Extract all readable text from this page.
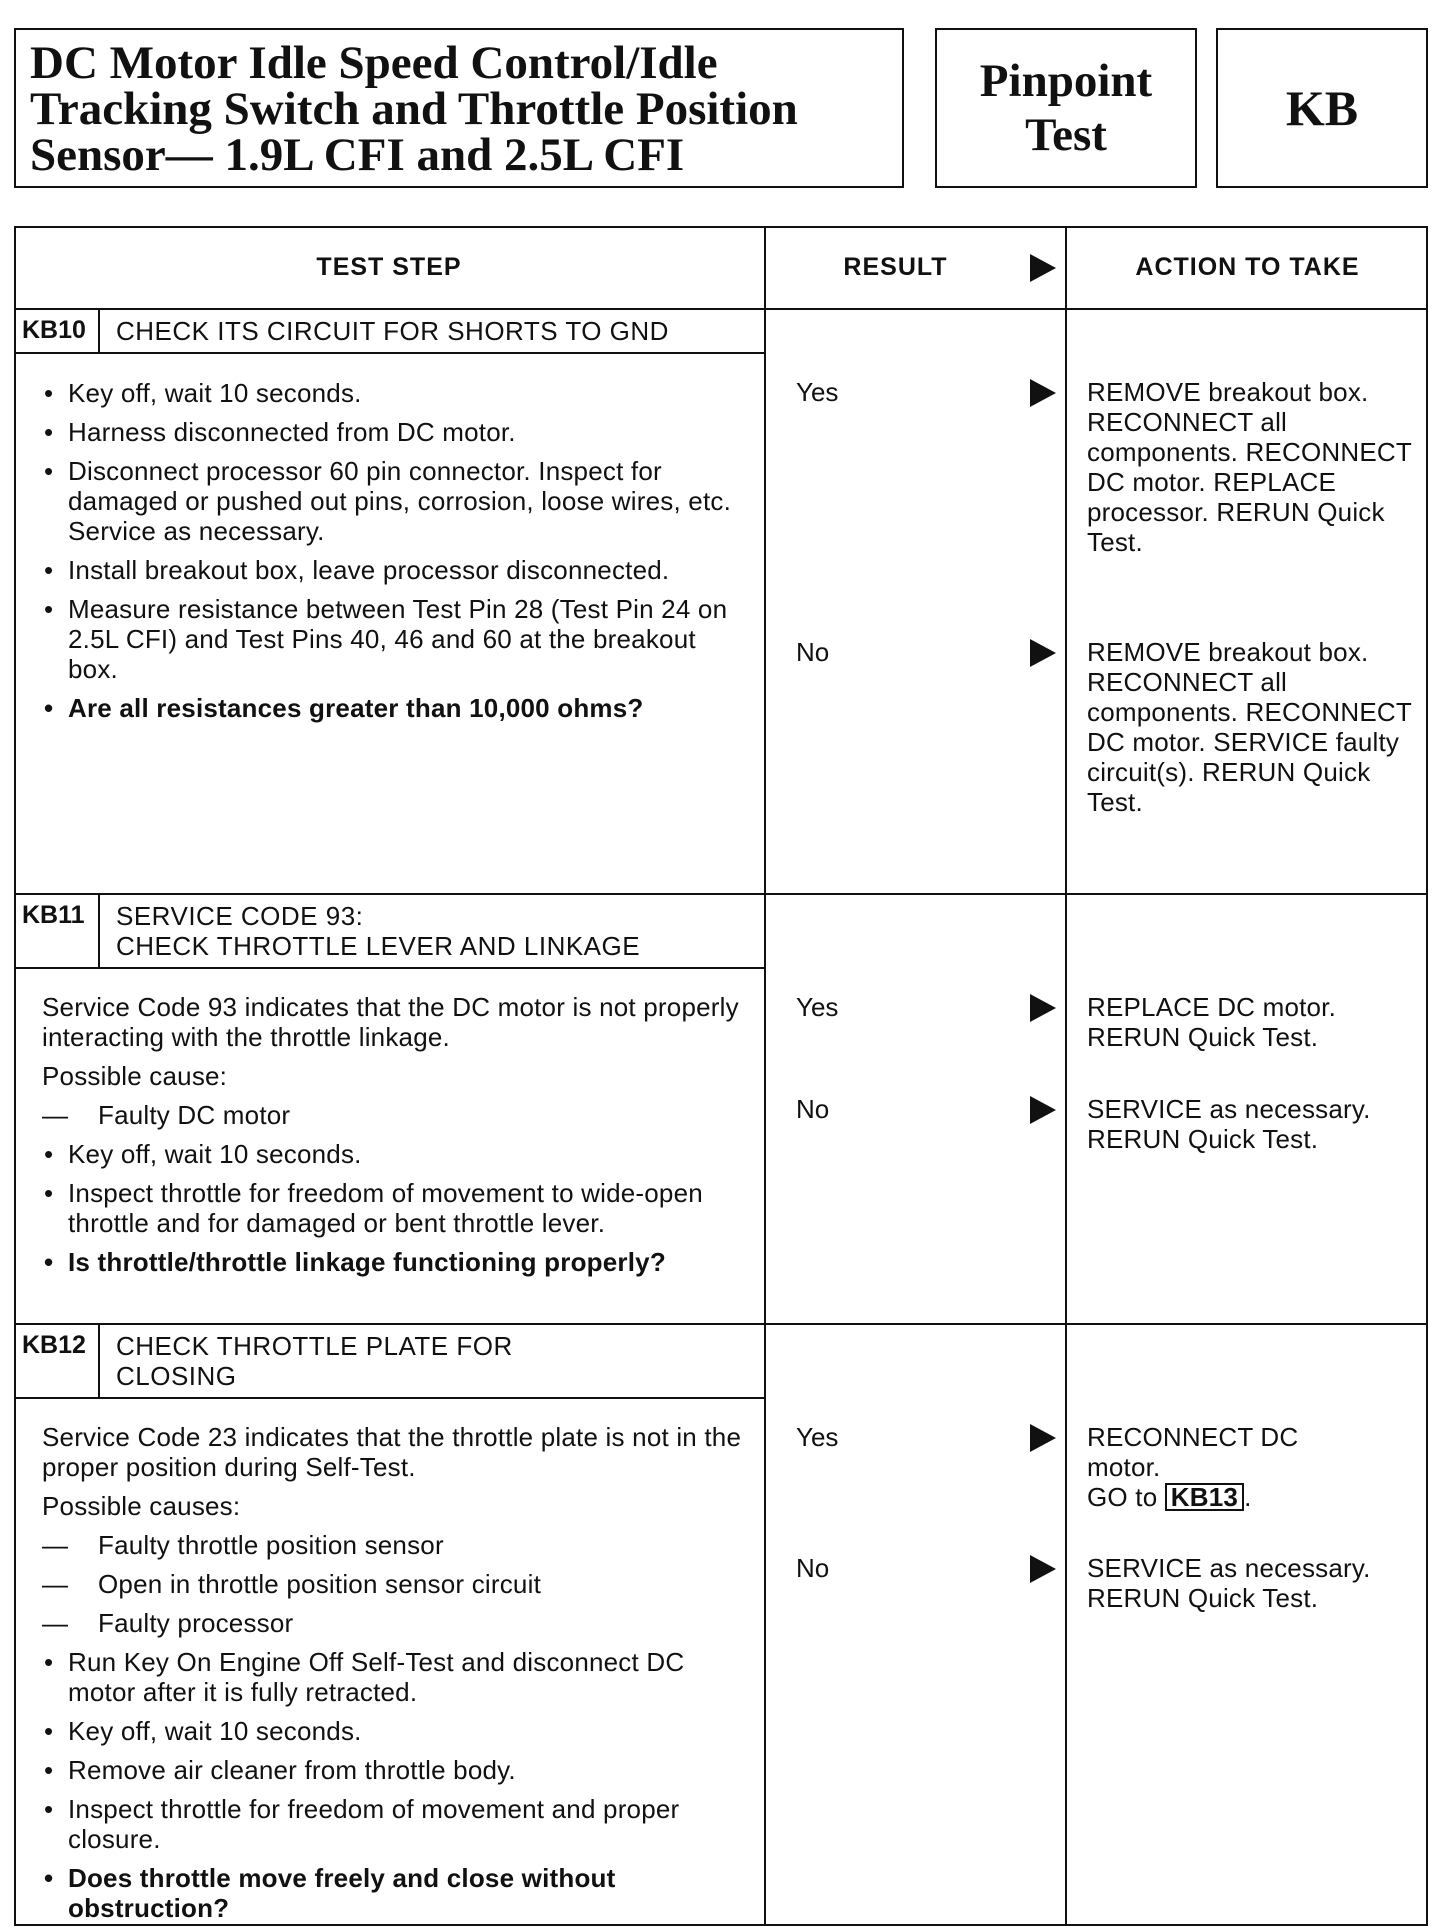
DC Motor Idle Speed Control/Idle
Tracking Switch and Throttle Position
Sensor— 1.9L CFI and 2.5L CFI
Pinpoint
Test	KB
TEST STEP	RESULT	ACTION TO TAKE
KB10	CHECK ITS CIRCUIT FOR SHORTS TO GND
• Key off, wait 10 seconds.
• Harness disconnected from DC motor.
• Disconnect processor 60 pin connector. Inspect for damaged or pushed out pins, corrosion, loose wires, etc. Service as necessary.
• Install breakout box, leave processor disconnected.
• Measure resistance between Test Pin 28 (Test Pin 24 on 2.5L CFI) and Test Pins 40, 46 and 60 at the breakout box.
• Are all resistances greater than 10,000 ohms?
Yes	REMOVE breakout box. RECONNECT all components. RECONNECT DC motor. REPLACE processor. RERUN Quick Test.
No	REMOVE breakout box. RECONNECT all components. RECONNECT DC motor. SERVICE faulty circuit(s). RERUN Quick Test.
KB11	SERVICE CODE 93:
CHECK THROTTLE LEVER AND LINKAGE

Service Code 93 indicates that the DC motor is not properly interacting with the throttle linkage.

Possible cause:

— Faulty DC motor
• Key off, wait 10 seconds.
• Inspect throttle for freedom of movement to wide-open throttle and for damaged or bent throttle lever.
• Is throttle/throttle linkage functioning properly?
Yes	REPLACE DC motor. RERUN Quick Test.
No	SERVICE as necessary. RERUN Quick Test.
KB12	CHECK THROTTLE PLATE FOR
CLOSING

Service Code 23 indicates that the throttle plate is not in the proper position during Self-Test.

Possible causes:

— Faulty throttle position sensor
— Open in throttle position sensor circuit
— Faulty processor
• Run Key On Engine Off Self-Test and disconnect DC motor after it is fully retracted.
• Key off, wait 10 seconds.
• Remove air cleaner from throttle body.
• Inspect throttle for freedom of movement and proper closure.
• Does throttle move freely and close without obstruction?
Yes	RECONNECT DC motor.
GO to KB13 .
No	SERVICE as necessary. RERUN Quick Test.
